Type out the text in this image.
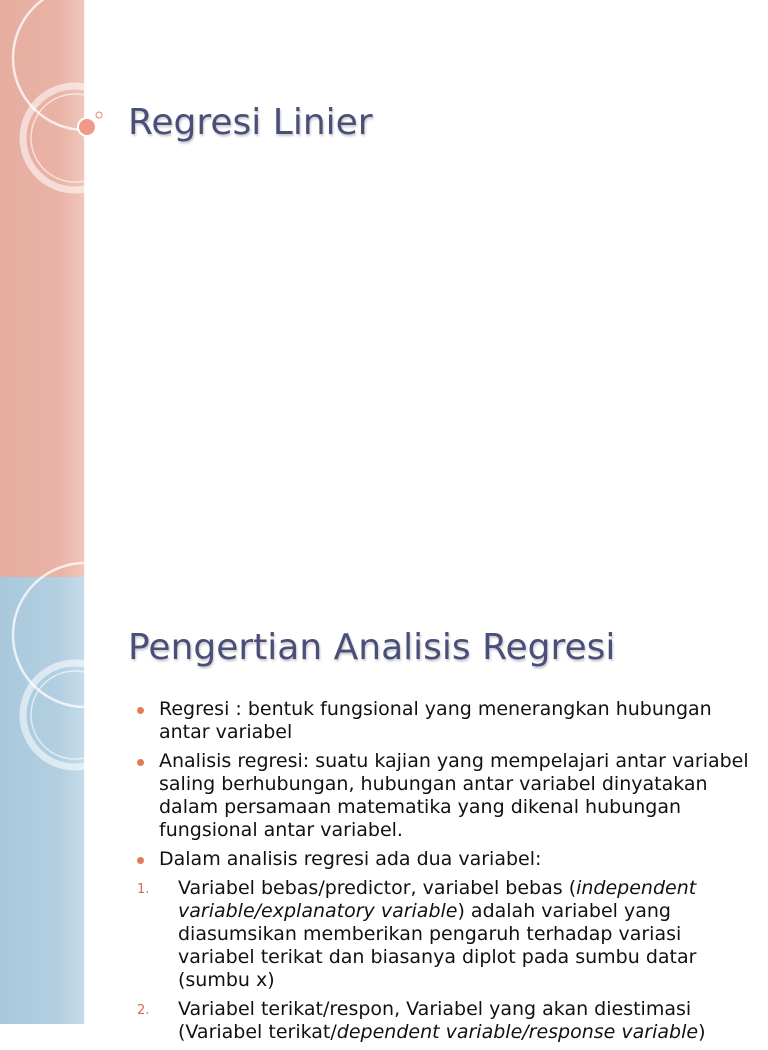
Regresi Linier
Pengertian Analisis Regresi
Regresi : bentuk fungsional yang menerangkan hubungan antar variabel
Analisis regresi: suatu kajian yang mempelajari antar variabel saling berhubungan, hubungan antar variabel dinyatakan dalam persamaan matematika yang dikenal hubungan fungsional antar variabel.
Dalam analisis regresi ada dua variabel:
1. Variabel bebas/predictor, variabel bebas (independent variable/explanatory variable) adalah variabel yang diasumsikan memberikan pengaruh terhadap variasi variabel terikat dan biasanya diplot pada sumbu datar (sumbu x)
2. Variabel terikat/respon, Variabel yang akan diestimasi (Variabel terikat/dependent variable/response variable)
